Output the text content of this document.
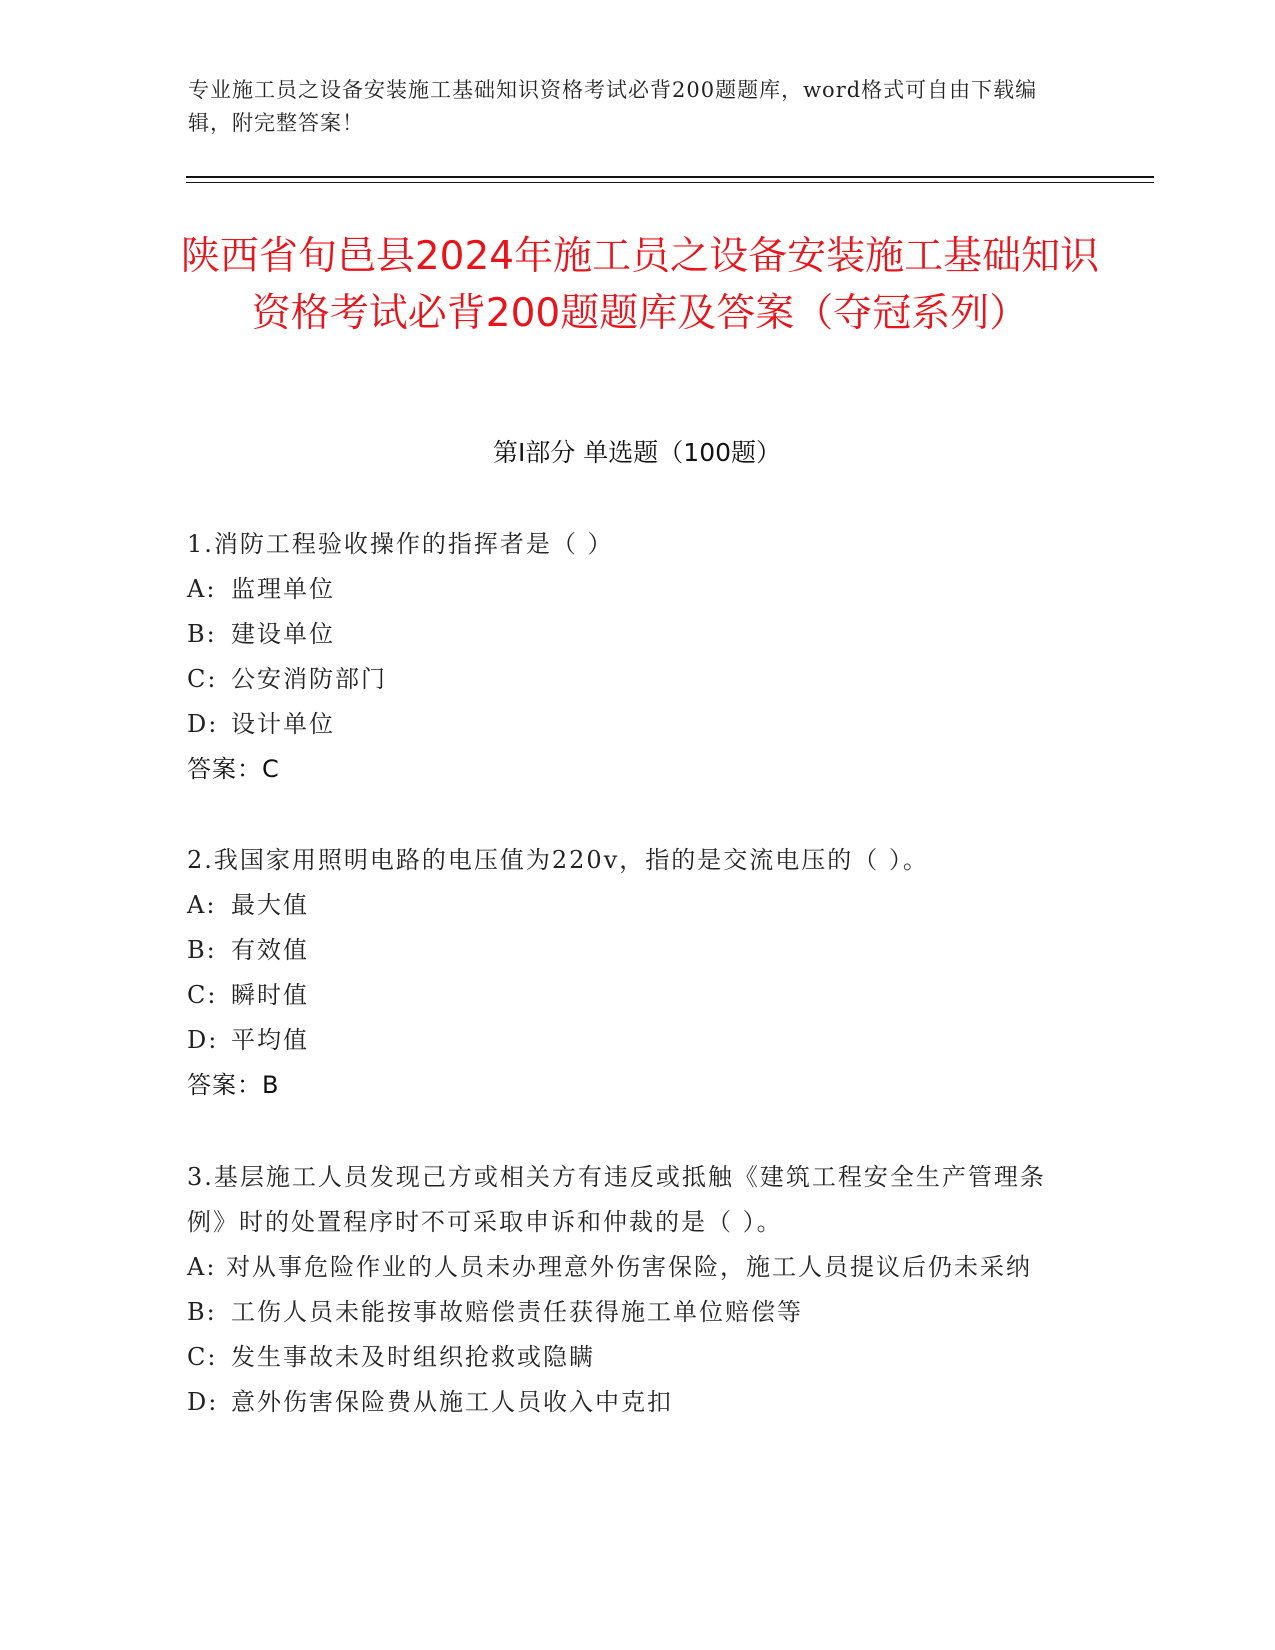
专业施工员之设备安装施工基础知识资格考试必背200题题库，word格式可自由下载编辑，附完整答案！
陕西省旬邑县2024年施工员之设备安装施工基础知识资格考试必背200题题库及答案（夺冠系列）
第Ⅰ部分 单选题（100题）
1.消防工程验收操作的指挥者是（ ）
A: 监理单位
B: 建设单位
C: 公安消防部门
D: 设计单位
答案：C
2.我国家用照明电路的电压值为220v，指的是交流电压的（ ）。
A: 最大值
B: 有效值
C: 瞬时值
D: 平均值
答案：B
3.基层施工人员发现己方或相关方有违反或抵触《建筑工程安全生产管理条例》时的处置程序时不可采取申诉和仲裁的是（ ）。
A: 对从事危险作业的人员未办理意外伤害保险，施工人员提议后仍未采纳
B: 工伤人员未能按事故赔偿责任获得施工单位赔偿等
C: 发生事故未及时组织抢救或隐瞒
D: 意外伤害保险费从施工人员收入中克扣
